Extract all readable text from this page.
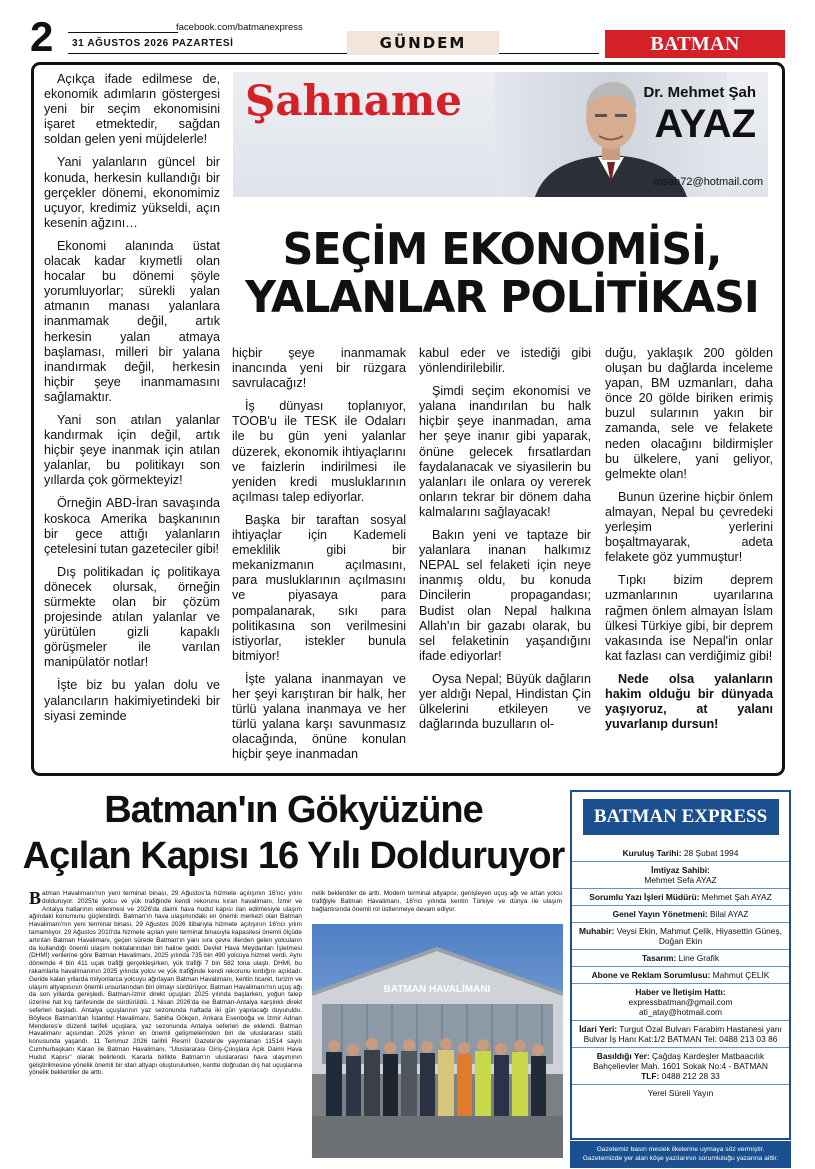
2	facebook.com/batmanexpress
31 AĞUSTOS 2026 PAZARTESİ	GÜNDEM	BATMAN

Açıkça ifade edilmese de, ekonomik adımların göstergesi yeni bir seçim ekonomisini işaret etmektedir, sağdan soldan gelen yeni müjdelerle!

Yani yalanların güncel bir konuda, herkesin kullandığı bir gerçekler dönemi, ekonomimiz uçuyor, kredimiz yükseldi, açın kesenin ağzını…

Ekonomi alanında üstat olacak kadar kıymetli olan hocalar bu dönemi şöyle yorumluyorlar; sürekli yalan atmanın manası yalanlara inanmamak değil, artık herkesin yalan atmaya başlaması, milleri bir yalana inandırmak değil, herkesin hiçbir şeye inanmamasını sağlamaktır.

Yani son atılan yalanlar kandırmak için değil, artık hiçbir şeye inanmak için atılan yalanlar, bu politikayı son yıllarda çok görmekteyiz!

Örneğin ABD-İran savaşında koskoca Amerika başkanının bir gece attığı yalanların çetelesini tutan gazeteciler gibi!

Dış politikadan iç politikaya dönecek olursak, örneğin sürmekte olan bir çözüm projesinde atılan yalanlar ve yürütülen gizli kapaklı görüşmeler ile varılan manipülatör notlar!

İşte biz bu yalan dolu ve yalancıların hakimiyetindeki bir siyasi zeminde

Şahname	Dr. Mehmet Şah
AYAZ
msah72@hotmail.com
SEÇİM EKONOMİSİ,
YALANLAR POLİTİKASI

hiçbir şeye inanmamak inancında yeni bir rüzgara savrulacağız!

İş dünyası toplanıyor, TOOB'u ile TESK ile Odaları ile bu gün yeni yalanlar düzerek, ekonomik ihtiyaçlarını ve faizlerin indirilmesi ile yeniden kredi musluklarının açılması talep ediyorlar.

Başka bir taraftan sosyal ihtiyaçlar için Kademeli emeklilik gibi bir mekanizmanın açılmasını, para musluklarının açılmasını ve piyasaya para pompalanarak, sıkı para politikasına son verilmesini istiyorlar, istekler bunula bitmiyor!

İşte yalana inanmayan ve her şeyi karıştıran bir halk, her türlü yalana inanmaya ve her türlü yalana karşı savunmasız olacağında, önüne konulan hiçbir şeye inanmadan

kabul eder ve istediği gibi yönlendirilebilir.

Şimdi seçim ekonomisi ve yalana inandırılan bu halk hiçbir şeye inanmadan, ama her şeye inanır gibi yaparak, önüne gelecek fırsatlardan faydalanacak ve siyasilerin bu yalanları ile onlara oy vererek onların tekrar bir dönem daha kalmalarını sağlayacak!

Bakın yeni ve taptaze bir yalanlara inanan halkımız NEPAL sel felaketi için neye inanmış oldu, bu konuda Dincilerin propagandası; Budist olan Nepal halkına Allah'ın bir gazabı olarak, bu sel felaketinin yaşandığını ifade ediyorlar!

Oysa Nepal; Büyük dağların yer aldığı Nepal, Hindistan Çin ülkelerini etkileyen ve dağlarında buzulların ol-

duğu, yaklaşık 200 gölden oluşan bu dağlarda inceleme yapan, BM uzmanları, daha önce 20 gölde biriken erimiş buzul sularının yakın bir zamanda, sele ve felakete neden olacağını bildirmişler bu ülkelere, yani geliyor, gelmekte olan!

Bunun üzerine hiçbir önlem almayan, Nepal bu çevredeki yerleşim yerlerini boşaltmayarak, adeta felakete göz yummuştur!

Tıpkı bizim deprem uzmanlarının uyarılarına rağmen önlem almayan İslam ülkesi Türkiye gibi, bir deprem vakasında ise Nepal'in onlar kat fazlası can verdiğimiz gibi!

Nede olsa yalanların hakim olduğu bir dünyada yaşıyoruz, at yalanı yuvarlanıp dursun!

Batman'ın Gökyüzüne
Açılan Kapısı 16 Yılı Dolduruyor
Batman Havalimanı'nın yeni terminal binası, 29 Ağustos'ta hizmete açılışının 16'ncı yılını dolduruyor. 2025'te yolcu ve yük trafiğinde kendi rekorunu kıran havalimanı, İzmir ve Antalya hatlarının eklenmesi ve 2026'da daimi hava hudut kapısı ilan edilmesiyle ulaşım ağındaki konumunu güçlendirdi. Batman'ın hava ulaşımındaki en önemli merkezi olan Batman Havalimanı'nın yeni terminal binası, 29 Ağustos 2026 itibarıyla hizmete açılışının 16'ncı yılını tamamlıyor. 29 Ağustos 2010'da hizmete açılan yeni terminal binasıyla kapasitesi önemli ölçüde artırılan Batman Havalimanı, geçen sürede Batman'ın yanı sıra çevre illerden gelen yolcuların da kullandığı önemli ulaşım noktalarından biri haline geldi. Devlet Hava Meydanları İşletmesi (DHMİ) verilerine göre Batman Havalimanı, 2025 yılında 735 bin 490 yolcuya hizmet verdi. Aynı dönemde 4 bin 411 uçak trafiği gerçekleşirken, yük trafiği 7 bin 582 tona ulaştı. DHMİ, bu rakamlarla havalimanının 2025 yılında yolcu ve yük trafiğinde kendi rekorunu kırdığını açıkladı. Geride kalan yıllarda milyonlarca yolcuyu ağırlayan Batman Havalimanı, kentin ticaret, turizm ve ulaşım altyapısının önemli unsurlarından biri olmayı sürdürüyor. Batman Havalimanı'nın uçuş ağı da son yıllarda genişledi. Batman-İzmir direkt uçuşları 2025 yılında başlarken, yoğun talep üzerine hat kış tarifesinde de sürdürüldü. 1 Nisan 2026'da ise Batman-Antalya karşılıklı direkt seferleri başladı. Antalya uçuşlarının yaz sezonunda haftada iki gün yapılacağı duyuruldu. Böylece Batman'dan İstanbul Havalimanı, Sabiha Gökçen, Ankara Esenboğa ve İzmir Adnan Menderes'e düzenli tarifeli uçuşlara, yaz sezonunda Antalya seferleri de eklendi. Batman Havalimanı açısından 2026 yılının en önemli gelişmelerinden biri de uluslararası statü konusunda yaşandı. 11 Temmuz 2026 tarihli Resmî Gazete'de yayımlanan 11514 sayılı Cumhurbaşkanı Kararı ile Batman Havalimanı, "Uluslararası Giriş-Çıkışlara Açık Daimi Hava Hudut Kapısı" olarak belirlendi. Kararla birlikte Batman'ın uluslararası hava ulaşımının geliştirilmesine yönelik önemli bir idari altyapı oluşturulurken, kentte doğrudan dış hat uçuşlarına yönelik beklentiler de arttı.
nelik beklentiler de arttı. Modern terminal altyapısı, genişleyen uçuş ağı ve artan yolcu trafiğiyle Batman Havalimanı, 16'ncı yılında kentin Türkiye ve dünya ile ulaşım bağlantısında önemli rol üstlenmeye devam ediyor.
BATMAN HAVALİMANI
BATMAN EXPRESS
Kuruluş Tarihi: 28 Şubat 1994
İmtiyaz Sahibi:
Mehmet Sefa AYAZ
Sorumlu Yazı İşleri Müdürü: Mehmet Şah AYAZ
Genel Yayın Yönetmeni: Bilal AYAZ
Muhabir: Veysi Ekin, Mahmut Çelik, Hiyasettin Güneş, Doğan Ekin
Tasarım: Line Grafik
Abone ve Reklam Sorumlusu: Mahmut ÇELİK
Haber ve İletişim Hattı:
expressbatman@gmail.com
ati_atay@hotmail.com
İdari Yeri: Turgut Özal Bulvarı Farabim Hastanesi yanı Bulvar İş Hanı Kat:1/2 BATMAN Tel: 0488 213 03 86
Basıldığı Yer: Çağdaş Kardeşler Matbaacılık Bahçelievler Mah. 1601 Sokak No:4 - BATMAN
TLF: 0488 212 28 33
Yerel Süreli Yayın
Gazetemiz basın meslek ilkelerine uymaya söz vermiştir.
Gazetemizde yer alan köşe yazılarının sorumluluğu yazarına aittir.
